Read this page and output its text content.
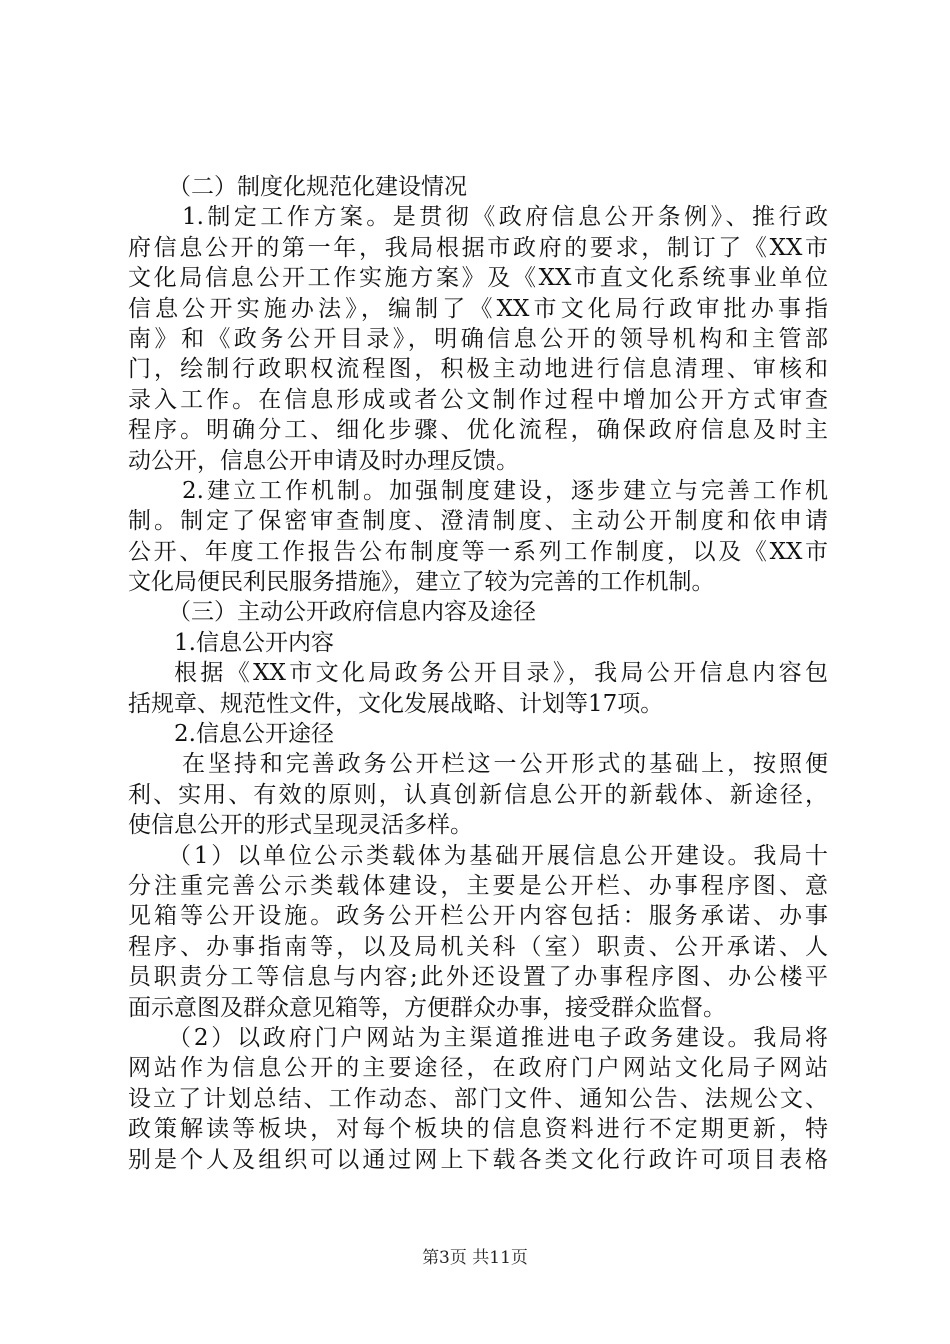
（二）制度化规范化建设情况
1.制定工作方案。是贯彻《政府信息公开条例》、推行政
府信息公开的第一年，我局根据市政府的要求，制订了《XX市
文化局信息公开工作实施方案》及《XX市直文化系统事业单位
信息公开实施办法》，编制了《XX市文化局行政审批办事指
南》和《政务公开目录》，明确信息公开的领导机构和主管部
门，绘制行政职权流程图，积极主动地进行信息清理、审核和
录入工作。在信息形成或者公文制作过程中增加公开方式审查
程序。明确分工、细化步骤、优化流程，确保政府信息及时主
动公开，信息公开申请及时办理反馈。
2.建立工作机制。加强制度建设，逐步建立与完善工作机
制。制定了保密审查制度、澄清制度、主动公开制度和依申请
公开、年度工作报告公布制度等一系列工作制度，以及《XX市
文化局便民利民服务措施》，建立了较为完善的工作机制。
（三）主动公开政府信息内容及途径
1.信息公开内容
根据《XX市文化局政务公开目录》，我局公开信息内容包
括规章、规范性文件，文化发展战略、计划等17项。
2.信息公开途径
在坚持和完善政务公开栏这一公开形式的基础上，按照便
利、实用、有效的原则，认真创新信息公开的新载体、新途径，
使信息公开的形式呈现灵活多样。
（1）以单位公示类载体为基础开展信息公开建设。我局十
分注重完善公示类载体建设，主要是公开栏、办事程序图、意
见箱等公开设施。政务公开栏公开内容包括：服务承诺、办事
程序、办事指南等，以及局机关科（室）职责、公开承诺、人
员职责分工等信息与内容;此外还设置了办事程序图、办公楼平
面示意图及群众意见箱等，方便群众办事，接受群众监督。
（2）以政府门户网站为主渠道推进电子政务建设。我局将
网站作为信息公开的主要途径，在政府门户网站文化局子网站
设立了计划总结、工作动态、部门文件、通知公告、法规公文、
政策解读等板块，对每个板块的信息资料进行不定期更新，特
别是个人及组织可以通过网上下载各类文化行政许可项目表格
第3页 共11页
